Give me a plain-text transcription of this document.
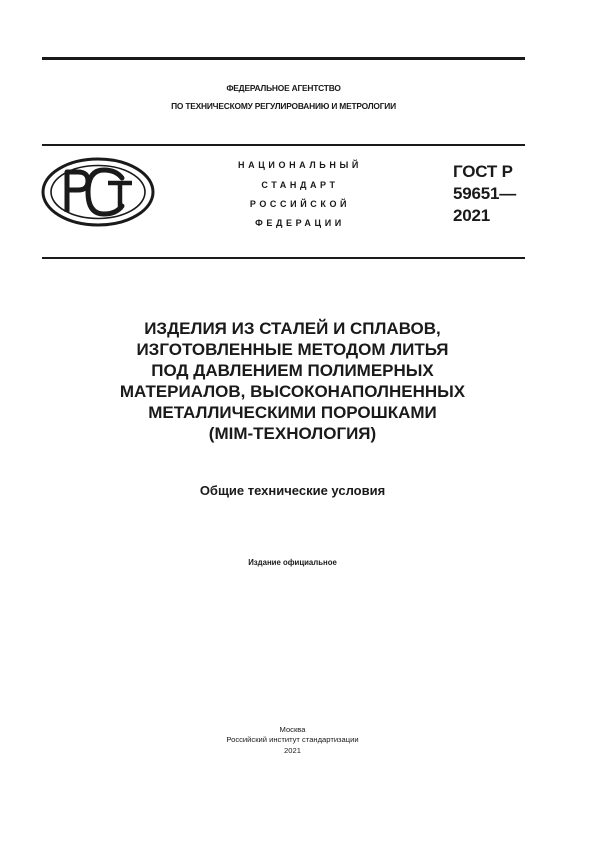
ФЕДЕРАЛЬНОЕ АГЕНТСТВО
ПО ТЕХНИЧЕСКОМУ РЕГУЛИРОВАНИЮ И МЕТРОЛОГИИ
НАЦИОНАЛЬНЫЙ
СТАНДАРТ
РОССИЙСКОЙ
ФЕДЕРАЦИИ
ГОСТ Р
59651—
2021
ИЗДЕЛИЯ ИЗ СТАЛЕЙ И СПЛАВОВ,
ИЗГОТОВЛЕННЫЕ МЕТОДОМ ЛИТЬЯ
ПОД ДАВЛЕНИЕМ ПОЛИМЕРНЫХ
МАТЕРИАЛОВ, ВЫСОКОНАПОЛНЕННЫХ
МЕТАЛЛИЧЕСКИМИ ПОРОШКАМИ
(MIM-ТЕХНОЛОГИЯ)
Общие технические условия
Издание официальное
Москва
Российский институт стандартизации
2021
